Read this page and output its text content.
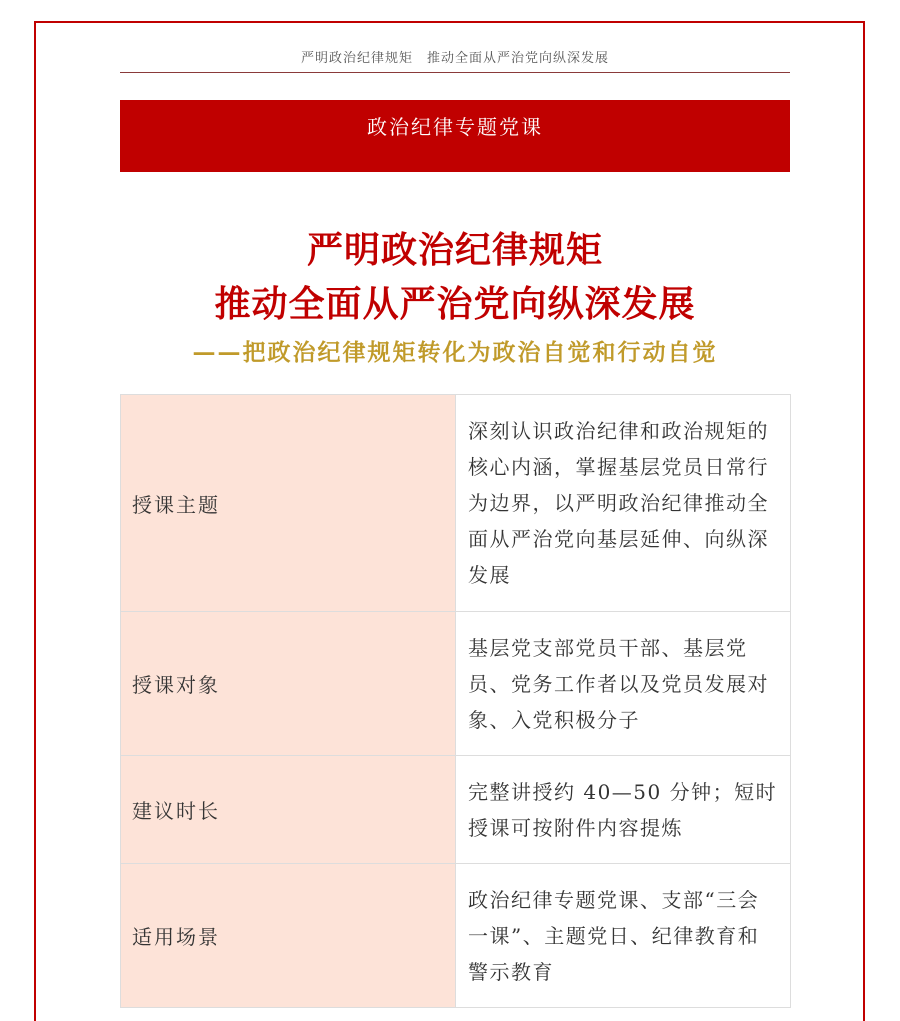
严明政治纪律规矩　推动全面从严治党向纵深发展
政治纪律专题党课
严明政治纪律规矩
推动全面从严治党向纵深发展
——把政治纪律规矩转化为政治自觉和行动自觉
授课主题	深刻认识政治纪律和政治规矩的核心内涵，掌握基层党员日常行为边界，以严明政治纪律推动全面从严治党向基层延伸、向纵深发展
授课对象	基层党支部党员干部、基层党员、党务工作者以及党员发展对象、入党积极分子
建议时长	完整讲授约 40—50 分钟；短时授课可按附件内容提炼
适用场景	政治纪律专题党课、支部“三会一课”、主题党日、纪律教育和警示教育
